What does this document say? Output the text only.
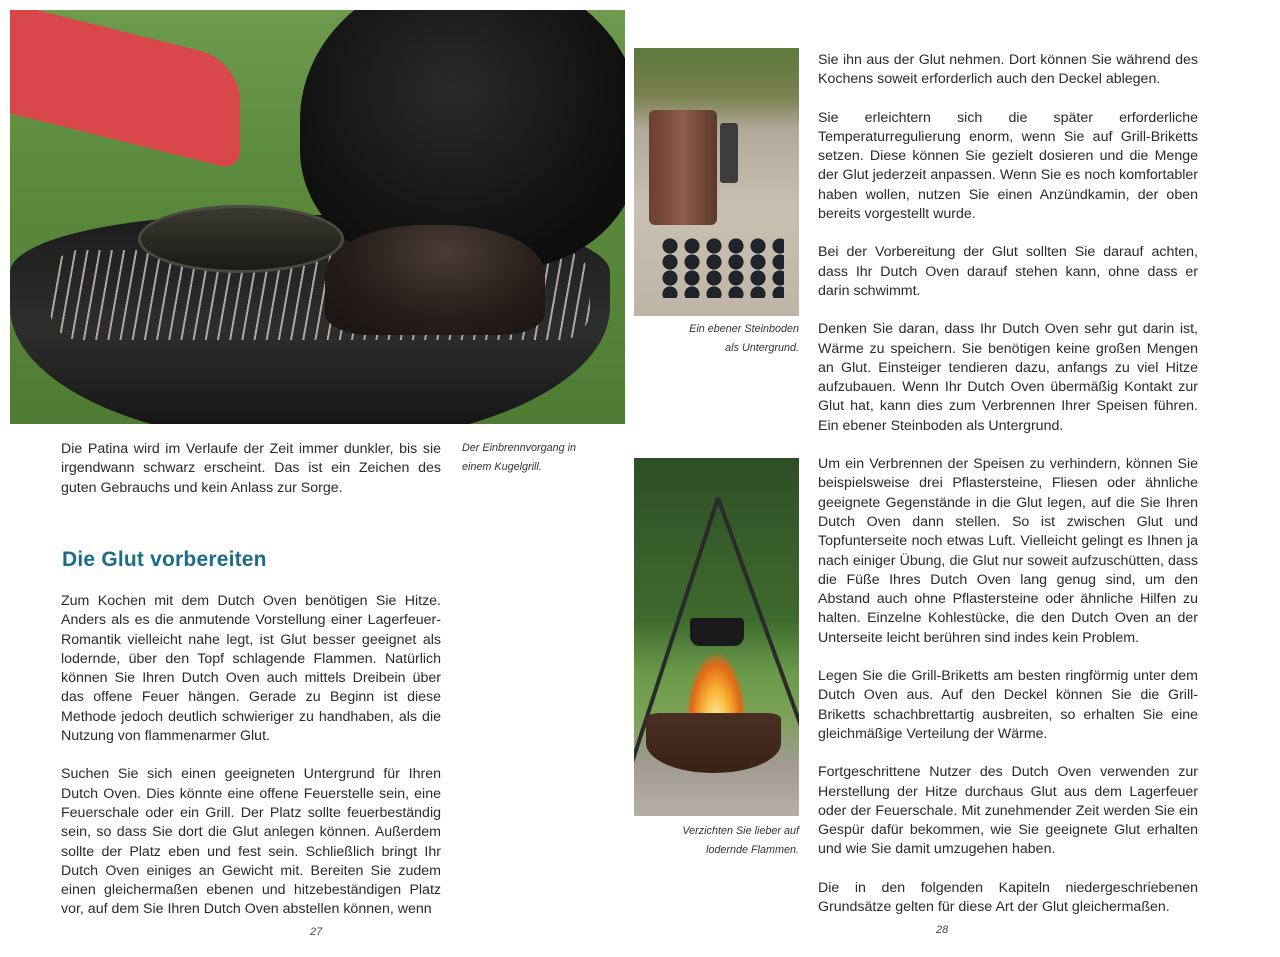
Die Patina wird im Verlaufe der Zeit immer dunkler, bis sie irgendwann schwarz erscheint. Das ist ein Zeichen des guten Gebrauchs und kein Anlass zur Sorge.

Der Einbrennvorgang in
einem Kugelgrill.
Die Glut vorbereiten

Zum Kochen mit dem Dutch Oven benötigen Sie Hitze. Anders als es die anmutende Vorstellung einer Lagerfeuer-Romantik vielleicht nahe legt, ist Glut besser geeignet als lodernde, über den Topf schlagende Flammen. Natürlich können Sie Ihren Dutch Oven auch mittels Dreibein über das offene Feuer hängen. Gerade zu Beginn ist diese Methode jedoch deutlich schwieriger zu handhaben, als die Nutzung von flammenarmer Glut.

Suchen Sie sich einen geeigneten Untergrund für Ihren Dutch Oven. Dies könnte eine offene Feuerstelle sein, eine Feuerschale oder ein Grill. Der Platz sollte feuerbeständig sein, so dass Sie dort die Glut anlegen können. Außerdem sollte der Platz eben und fest sein. Schließlich bringt Ihr Dutch Oven einiges an Gewicht mit. Bereiten Sie zudem einen gleichermaßen ebenen und hitzebeständigen Platz vor, auf dem Sie Ihren Dutch Oven abstellen können, wenn

27
Ein ebener Steinboden
als Untergrund.
Verzichten Sie lieber auf
lodernde Flammen.

Sie ihn aus der Glut nehmen. Dort können Sie während des Kochens soweit erforderlich auch den Deckel ablegen.

Sie erleichtern sich die später erforderliche Temperaturregulierung enorm, wenn Sie auf Grill-Briketts setzen. Diese können Sie gezielt dosieren und die Menge der Glut jederzeit anpassen. Wenn Sie es noch komfortabler haben wollen, nutzen Sie einen Anzündkamin, der oben bereits vorgestellt wurde.

Bei der Vorbereitung der Glut sollten Sie darauf achten, dass Ihr Dutch Oven darauf stehen kann, ohne dass er darin schwimmt.

Denken Sie daran, dass Ihr Dutch Oven sehr gut darin ist, Wärme zu speichern. Sie benötigen keine großen Mengen an Glut. Einsteiger tendieren dazu, anfangs zu viel Hitze aufzubauen. Wenn Ihr Dutch Oven übermäßig Kontakt zur Glut hat, kann dies zum Verbrennen Ihrer Speisen führen. Ein ebener Steinboden als Untergrund.

Um ein Verbrennen der Speisen zu verhindern, können Sie beispielsweise drei Pflastersteine, Fliesen oder ähnliche geeignete Gegenstände in die Glut legen, auf die Sie Ihren Dutch Oven dann stellen. So ist zwischen Glut und Topfunterseite noch etwas Luft. Vielleicht gelingt es Ihnen ja nach einiger Übung, die Glut nur soweit aufzuschütten, dass die Füße Ihres Dutch Oven lang genug sind, um den Abstand auch ohne Pflastersteine oder ähnliche Hilfen zu halten. Einzelne Kohlestücke, die den Dutch Oven an der Unterseite leicht berühren sind indes kein Problem.

Legen Sie die Grill-Briketts am besten ringförmig unter dem Dutch Oven aus. Auf den Deckel können Sie die Grill-Briketts schachbrettartig ausbreiten, so erhalten Sie eine gleichmäßige Verteilung der Wärme.

Fortgeschrittene Nutzer des Dutch Oven verwenden zur Herstellung der Hitze durchaus Glut aus dem Lagerfeuer oder der Feuerschale. Mit zunehmender Zeit werden Sie ein Gespür dafür bekommen, wie Sie geeignete Glut erhalten und wie Sie damit umzugehen haben.

Die in den folgenden Kapiteln niedergeschriebenen Grundsätze gelten für diese Art der Glut gleichermaßen.

28
